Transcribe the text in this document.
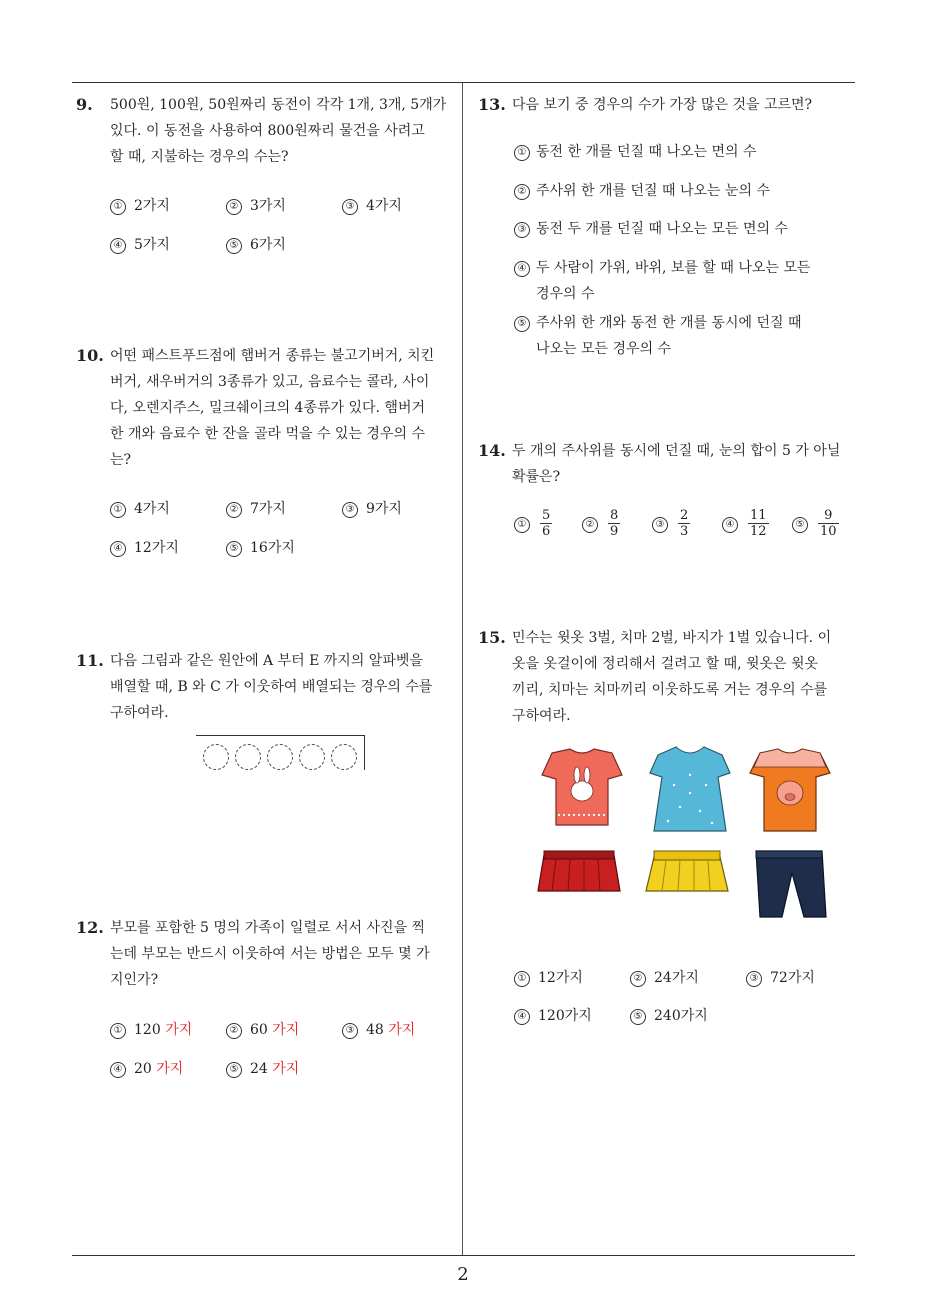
9. 500원, 100원, 50원짜리 동전이 각각 1개, 3개, 5개가
있다. 이 동전을 사용하여 800원짜리 물건을 사려고
할 때, 지불하는 경우의 수는?
① 2가지	② 3가지	③ 4가지
④ 5가지	⑤ 6가지
10. 어떤 패스트푸드점에 햄버거 종류는 불고기버거, 치킨
버거, 새우버거의 3종류가 있고, 음료수는 콜라, 사이
다, 오렌지주스, 밀크쉐이크의 4종류가 있다. 햄버거
한 개와 음료수 한 잔을 골라 먹을 수 있는 경우의 수
는?
① 4가지	② 7가지	③ 9가지
④ 12가지	⑤ 16가지
11. 다음 그림과 같은 원안에 A 부터 E 까지의 알파벳을
배열할 때, B 와 C 가 이웃하여 배열되는 경우의 수를
구하여라.
12. 부모를 포함한 5 명의 가족이 일렬로 서서 사진을 찍
는데 부모는 반드시 이웃하여 서는 방법은 모두 몇 가
지인가?
① 120 가지	② 60 가지	③ 48 가지
④ 20 가지	⑤ 24 가지
13. 다음 보기 중 경우의 수가 가장 많은 것을 고르면?
① 동전 한 개를 던질 때 나오는 면의 수
② 주사위 한 개를 던질 때 나오는 눈의 수
③ 동전 두 개를 던질 때 나오는 모든 면의 수
④ 두 사람이 가위, 바위, 보를 할 때 나오는 모든
경우의 수
⑤ 주사위 한 개와 동전 한 개를 동시에 던질 때
나오는 모든 경우의 수
14. 두 개의 주사위를 동시에 던질 때, 눈의 합이 5 가 아닐
확률은?
① $\frac{5}{6}$	② $\frac{8}{9}$	③ $\frac{2}{3}$	④ $\frac{11}{12}$	⑤ $\frac{9}{10}$
15. 민수는 윗옷 3벌, 치마 2벌, 바지가 1벌 있습니다. 이
옷을 옷걸이에 정리해서 걸려고 할 때, 윗옷은 윗옷
끼리, 치마는 치마끼리 이웃하도록 거는 경우의 수를
구하여라.
① 12가지	② 24가지	③ 72가지
④ 120가지	⑤ 240가지
2
